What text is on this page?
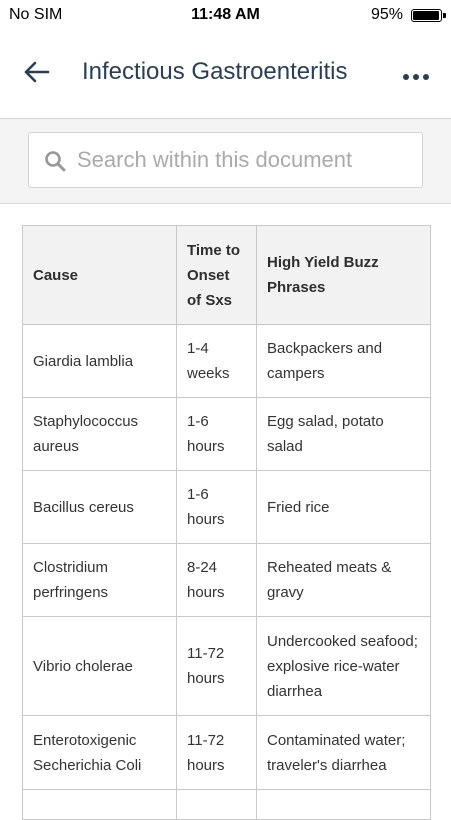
No SIM	11:48 AM	95%
Infectious Gastroenteritis
Search within this document
Cause	Time to Onset of Sxs	High Yield Buzz Phrases
Giardia lamblia	1-4 weeks	Backpackers and campers
Staphylococcus aureus	1-6 hours	Egg salad, potato salad
Bacillus cereus	1-6 hours	Fried rice
Clostridium perfringens	8-24 hours	Reheated meats & gravy
Vibrio cholerae	11-72 hours	Undercooked seafood; explosive rice-water diarrhea
Enterotoxigenic Secherichia Coli	11-72 hours	Contaminated water; traveler's diarrhea
